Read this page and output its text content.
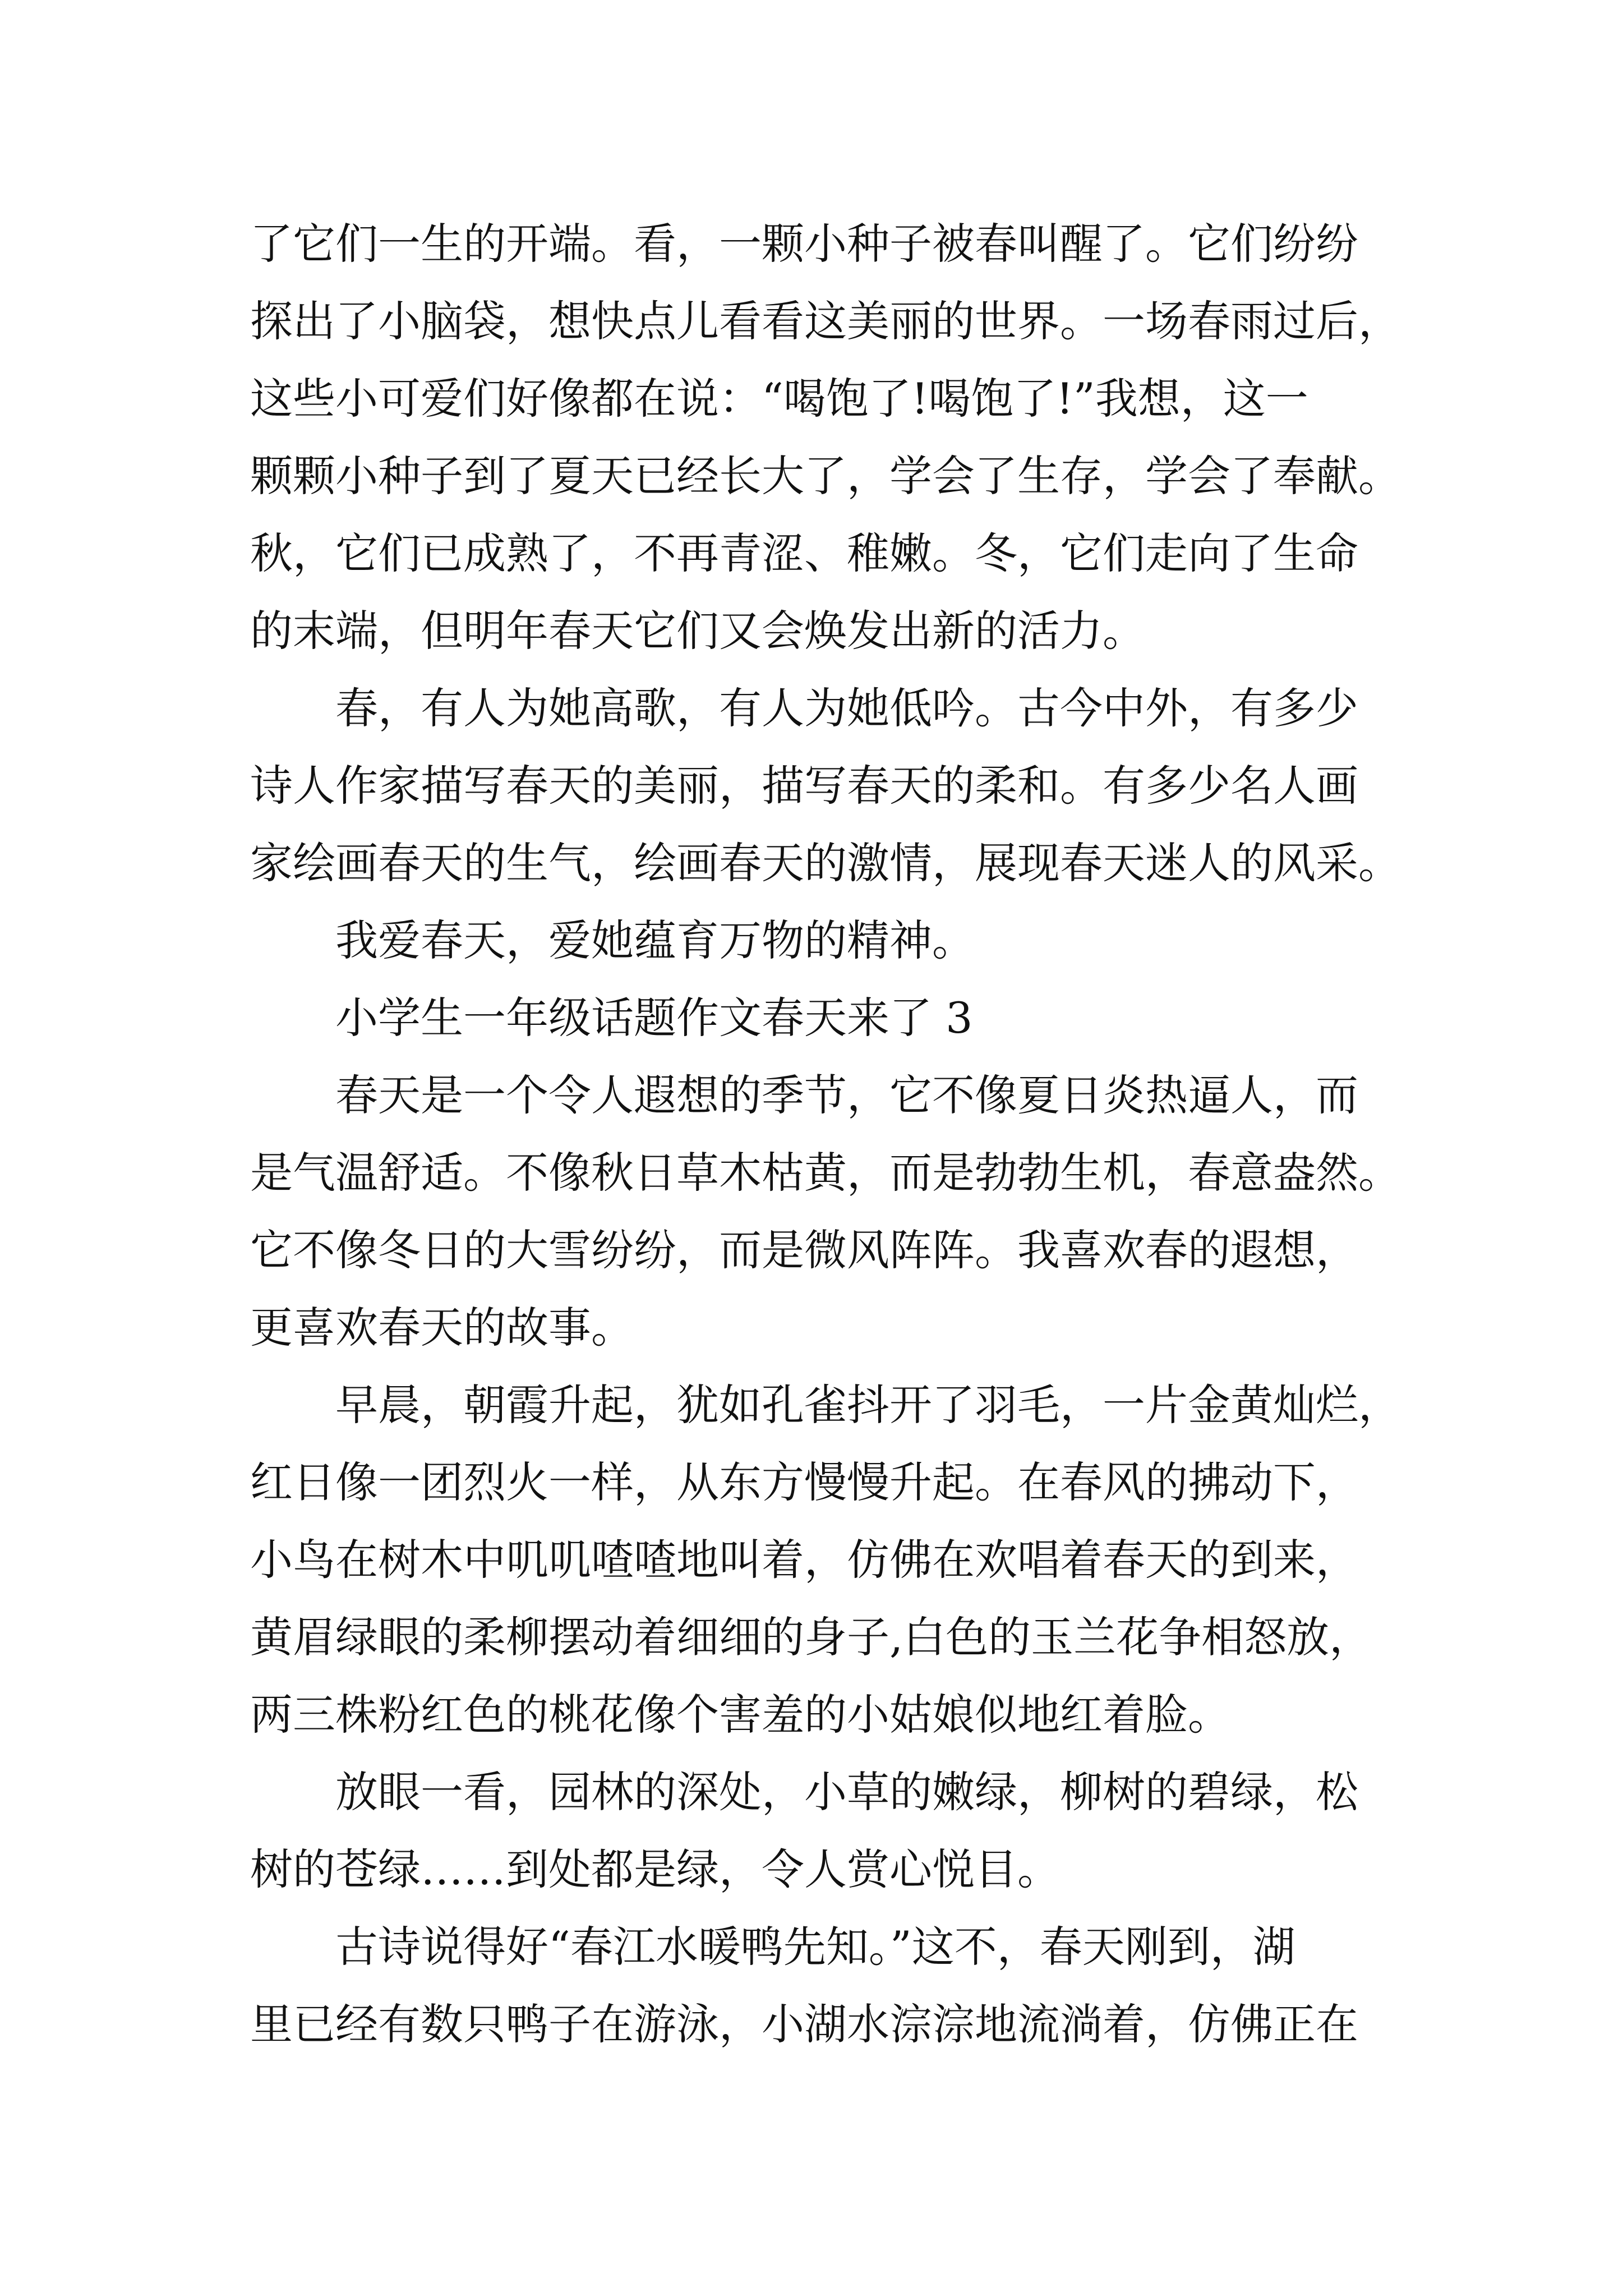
了它们一生的开端。看，一颗小种子被春叫醒了。它们纷纷
探出了小脑袋，想快点儿看看这美丽的世界。一场春雨过后，
这些小可爱们好像都在说：“喝饱了!喝饱了!”我想，这一
颗颗小种子到了夏天已经长大了，学会了生存，学会了奉献。
秋，它们已成熟了，不再青涩、稚嫩。冬，它们走向了生命
的末端，但明年春天它们又会焕发出新的活力。
春，有人为她高歌，有人为她低吟。古今中外，有多少
诗人作家描写春天的美丽，描写春天的柔和。有多少名人画
家绘画春天的生气，绘画春天的激情，展现春天迷人的风采。
我爱春天，爱她蕴育万物的精神。
小学生一年级话题作文春天来了 3
春天是一个令人遐想的季节，它不像夏日炎热逼人，而
是气温舒适。不像秋日草木枯黄，而是勃勃生机，春意盎然。
它不像冬日的大雪纷纷，而是微风阵阵。我喜欢春的遐想，
更喜欢春天的故事。
早晨，朝霞升起，犹如孔雀抖开了羽毛，一片金黄灿烂，
红日像一团烈火一样，从东方慢慢升起。在春风的拂动下，
小鸟在树木中叽叽喳喳地叫着，仿佛在欢唱着春天的到来，
黄眉绿眼的柔柳摆动着细细的身子,白色的玉兰花争相怒放，
两三株粉红色的桃花像个害羞的小姑娘似地红着脸。
放眼一看，园林的深处，小草的嫩绿，柳树的碧绿，松
树的苍绿……到处都是绿，令人赏心悦目。
古诗说得好“春江水暖鸭先知。”这不，春天刚到，湖
里已经有数只鸭子在游泳，小湖水淙淙地流淌着，仿佛正在
